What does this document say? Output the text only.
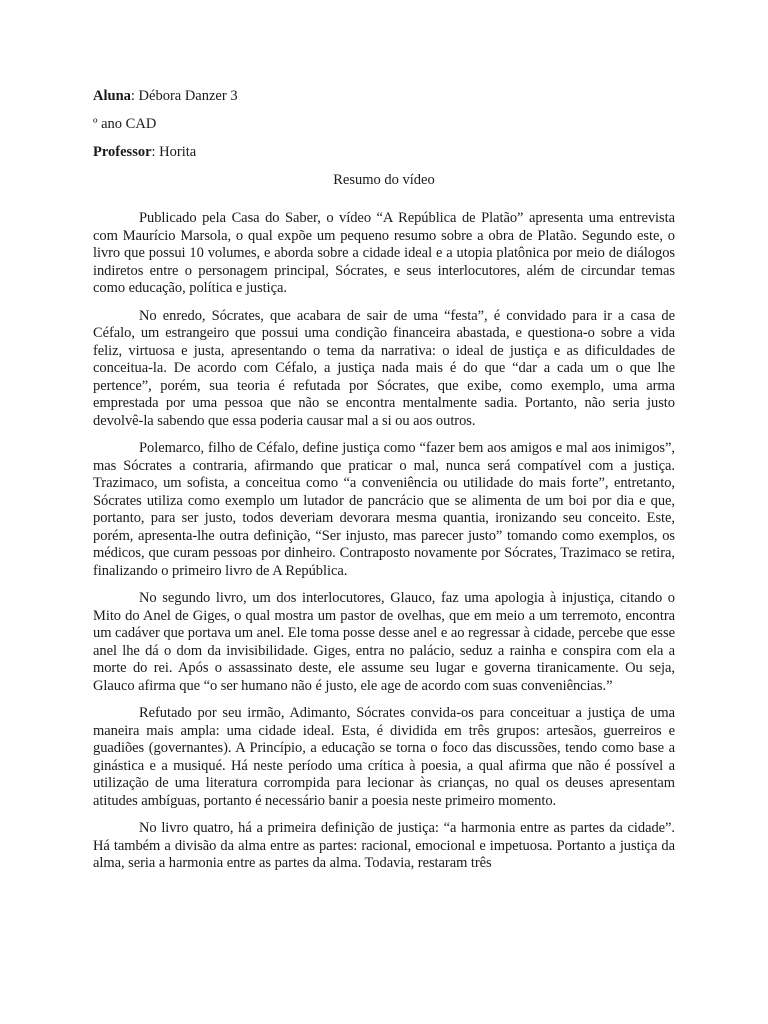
Aluna: Débora Danzer 3

º ano CAD

Professor: Horita

Resumo do vídeo

Publicado pela Casa do Saber, o vídeo “A República de Platão” apresenta uma entrevista com Maurício Marsola, o qual expõe um pequeno resumo sobre a obra de Platão. Segundo este, o livro que possui 10 volumes, e aborda sobre a cidade ideal e a utopia platônica por meio de diálogos indiretos entre o personagem principal, Sócrates, e seus interlocutores, além de circundar temas como educação, política e justiça.

No enredo, Sócrates, que acabara de sair de uma “festa”, é convidado para ir a casa de Céfalo, um estrangeiro que possui uma condição financeira abastada, e questiona-o sobre a vida feliz, virtuosa e justa, apresentando o tema da narrativa: o ideal de justiça e as dificuldades de conceitua-la. De acordo com Céfalo, a justiça nada mais é do que “dar a cada um o que lhe pertence”, porém, sua teoria é refutada por Sócrates, que exibe, como exemplo, uma arma emprestada por uma pessoa que não se encontra mentalmente sadia. Portanto, não seria justo devolvê-la sabendo que essa poderia causar mal a si ou aos outros.

Polemarco, filho de Céfalo, define justiça como “fazer bem aos amigos e mal aos inimigos”, mas Sócrates a contraria, afirmando que praticar o mal, nunca será compatível com a justiça. Trazimaco, um sofista, a conceitua como “a conveniência ou utilidade do mais forte”, entretanto, Sócrates utiliza como exemplo um lutador de pancrácio que se alimenta de um boi por dia e que, portanto, para ser justo, todos deveriam devorara mesma quantia, ironizando seu conceito. Este, porém, apresenta-lhe outra definição, “Ser injusto, mas parecer justo” tomando como exemplos, os médicos, que curam pessoas por dinheiro. Contraposto novamente por Sócrates, Trazimaco se retira, finalizando o primeiro livro de A República.

No segundo livro, um dos interlocutores, Glauco, faz uma apologia à injustiça, citando o Mito do Anel de Giges, o qual mostra um pastor de ovelhas, que em meio a um terremoto, encontra um cadáver que portava um anel. Ele toma posse desse anel e ao regressar à cidade, percebe que esse anel lhe dá o dom da invisibilidade. Giges, entra no palácio, seduz a rainha e conspira com ela a morte do rei. Após o assassinato deste, ele assume seu lugar e governa tiranicamente. Ou seja, Glauco afirma que “o ser humano não é justo, ele age de acordo com suas conveniências.”

Refutado por seu irmão, Adimanto, Sócrates convida-os para conceituar a justiça de uma maneira mais ampla: uma cidade ideal. Esta, é dividida em três grupos: artesãos, guerreiros e guadiões (governantes). A Princípio, a educação se torna o foco das discussões, tendo como base a ginástica e a musiqué. Há neste período uma crítica à poesia, a qual afirma que não é possível a utilização de uma literatura corrompida para lecionar às crianças, no qual os deuses apresentam atitudes ambíguas, portanto é necessário banir a poesia neste primeiro momento.

No livro quatro, há a primeira definição de justiça: “a harmonia entre as partes da cidade”. Há também a divisão da alma entre as partes: racional, emocional e impetuosa. Portanto a justiça da alma, seria a harmonia entre as partes da alma. Todavia, restaram três
